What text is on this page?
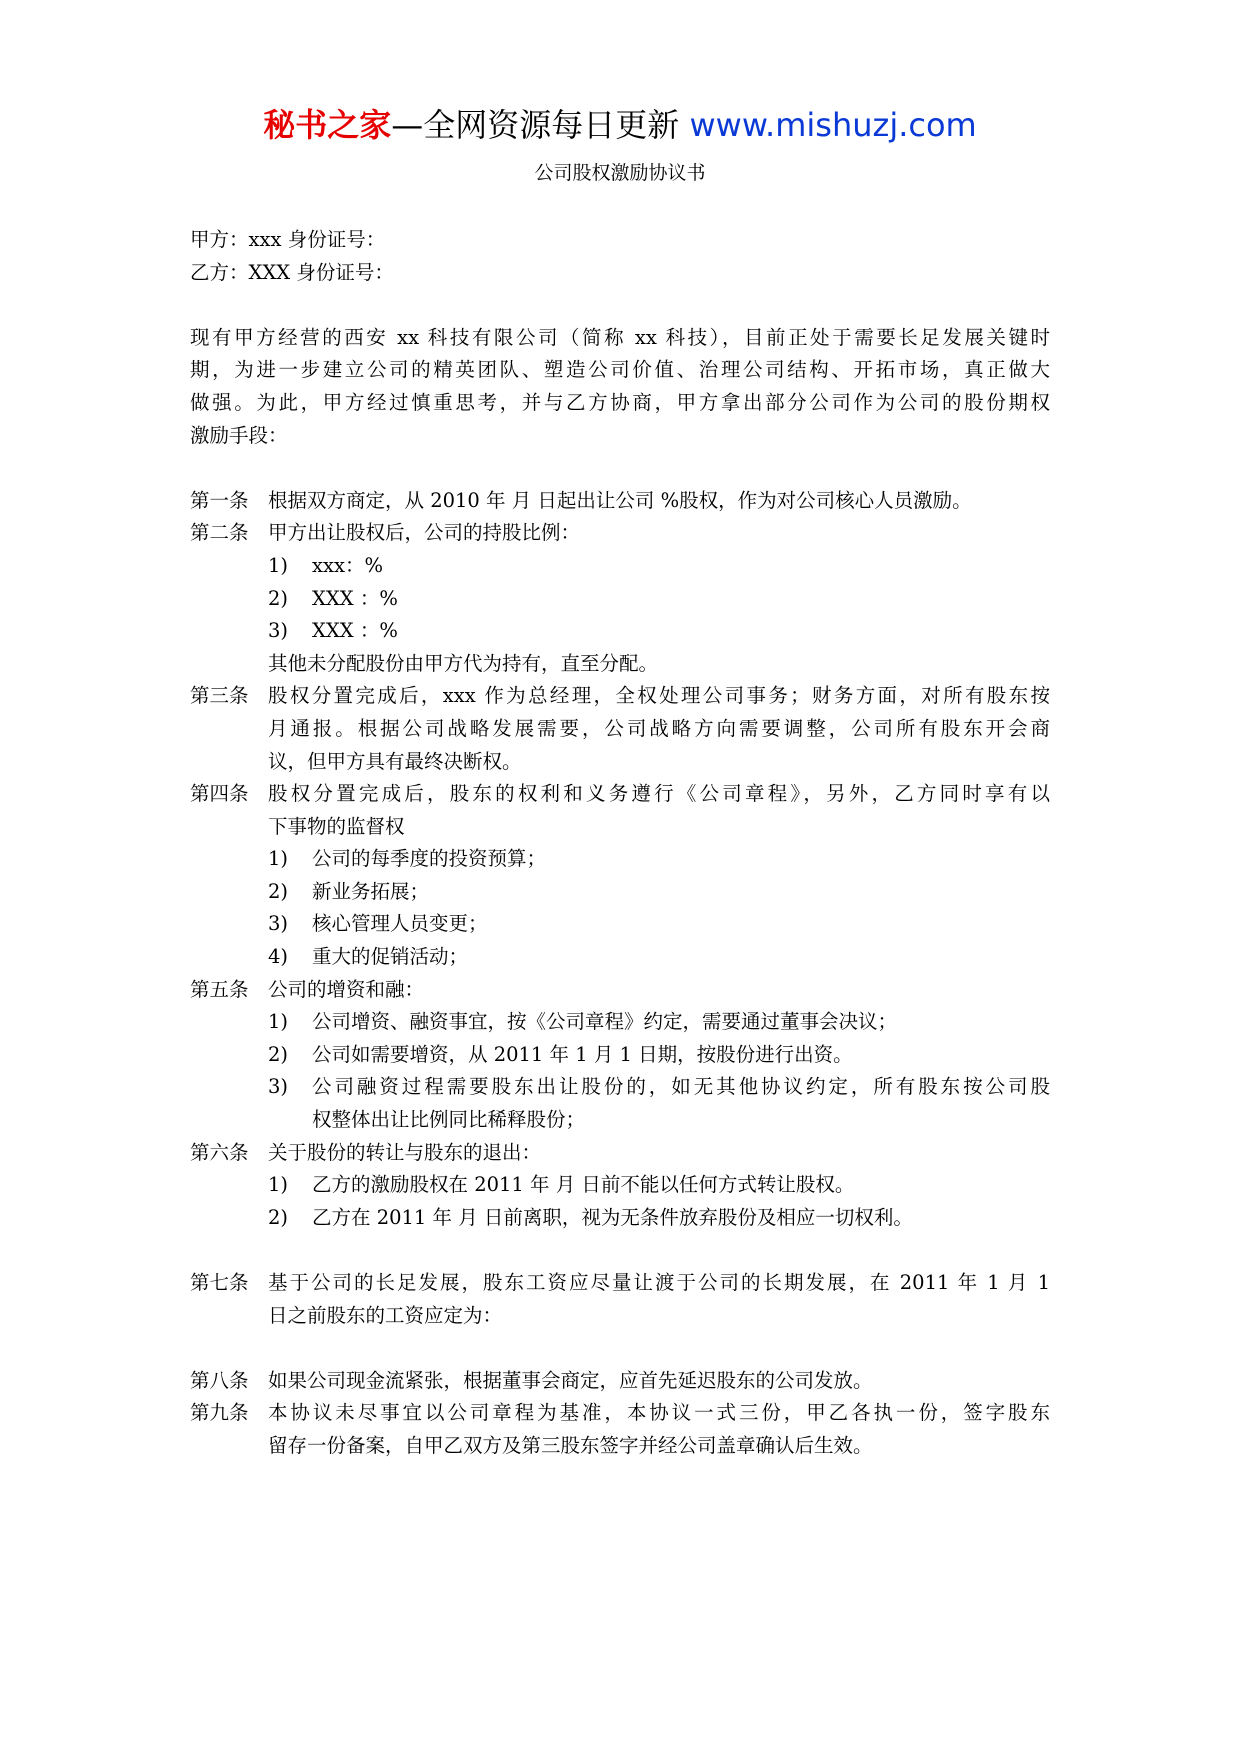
秘书之家—全网资源每日更新 www.mishuzj.com
公司股权激励协议书
甲方：xxx 身份证号：
乙方：XXX 身份证号：
现有甲方经营的西安 xx 科技有限公司（简称 xx 科技），目前正处于需要长足发展关键时
期，为进一步建立公司的精英团队、塑造公司价值、治理公司结构、开拓市场，真正做大
做强。为此，甲方经过慎重思考，并与乙方协商，甲方拿出部分公司作为公司的股份期权
激励手段：
第一条 根据双方商定，从 2010 年 月 日起出让公司 %股权，作为对公司核心人员激励。
第二条 甲方出让股权后，公司的持股比例：
1)	xxx：%
2)	XXX ：%
3)	XXX ：%
其他未分配股份由甲方代为持有，直至分配。
第三条 股权分置完成后，xxx 作为总经理，全权处理公司事务；财务方面，对所有股东按
月通报。根据公司战略发展需要，公司战略方向需要调整，公司所有股东开会商
议，但甲方具有最终决断权。
第四条 股权分置完成后，股东的权利和义务遵行《公司章程》，另外，乙方同时享有以
下事物的监督权
1)	公司的每季度的投资预算；
2)	新业务拓展；
3)	核心管理人员变更；
4)	重大的促销活动；
第五条 公司的增资和融：
1)	公司增资、融资事宜，按《公司章程》约定，需要通过董事会决议；
2)	公司如需要增资，从 2011 年 1 月 1 日期，按股份进行出资。
3)	公司融资过程需要股东出让股份的，如无其他协议约定，所有股东按公司股
权整体出让比例同比稀释股份；
第六条 关于股份的转让与股东的退出：
1)	乙方的激励股权在 2011 年 月 日前不能以任何方式转让股权。
2)	乙方在 2011 年 月 日前离职，视为无条件放弃股份及相应一切权利。
第七条 基于公司的长足发展，股东工资应尽量让渡于公司的长期发展，在 2011 年 1 月 1
日之前股东的工资应定为：
第八条 如果公司现金流紧张，根据董事会商定，应首先延迟股东的公司发放。
第九条 本协议未尽事宜以公司章程为基准，本协议一式三份，甲乙各执一份，签字股东
留存一份备案，自甲乙双方及第三股东签字并经公司盖章确认后生效。
